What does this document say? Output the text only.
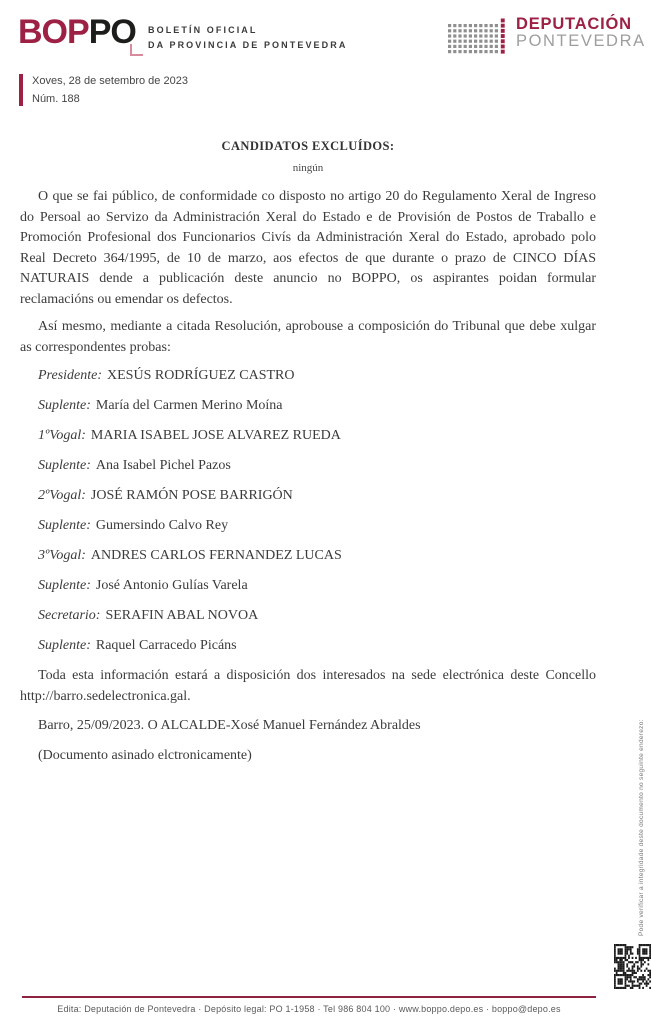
BOPPO BOLETÍN OFICIAL
DA PROVINCIA DE PONTEVEDRA
DEPUTACIÓN
PONTEVEDRA
Xoves, 28 de setembro de 2023
Núm. 188
CANDIDATOS EXCLUÍDOS:
ningún

O que se fai público, de conformidade co disposto no artigo 20 do Regulamento Xeral de Ingreso do Persoal ao Servizo da Administración Xeral do Estado e de Provisión de Postos de Traballo e Promoción Profesional dos Funcionarios Civís da Administración Xeral do Estado, aprobado polo Real Decreto 364/1995, de 10 de marzo, aos efectos de que durante o prazo de CINCO DÍAS NATURAIS dende a publicación deste anuncio no BOPPO, os aspirantes poidan formular reclamacións ou emendar os defectos.

Así mesmo, mediante a citada Resolución, aprobouse a composición do Tribunal que debe xulgar as correspondentes probas:

Presidente: XESÚS RODRÍGUEZ CASTRO
Suplente: María del Carmen Merino Moína
1ºVogal: MARIA ISABEL JOSE ALVAREZ RUEDA
Suplente: Ana Isabel Pichel Pazos
2ºVogal: JOSÉ RAMÓN POSE BARRIGÓN
Suplente: Gumersindo Calvo Rey
3ºVogal: ANDRES CARLOS FERNANDEZ LUCAS
Suplente: José Antonio Gulías Varela
Secretario: SERAFIN ABAL NOVOA
Suplente: Raquel Carracedo Picáns

Toda esta información estará a disposición dos interesados na sede electrónica deste Concello http://barro.sedelectronica.gal.

Barro, 25/09/2023. O ALCALDE-Xosé Manuel Fernández Abraldes

(Documento asinado elctronicamente)	Pode verificar a integridade deste documento no seguinte enderezo:
Edita: Deputación de Pontevedra · Depósito legal: PO 1-1958 · Tel 986 804 100 · www.boppo.depo.es · boppo@depo.es
